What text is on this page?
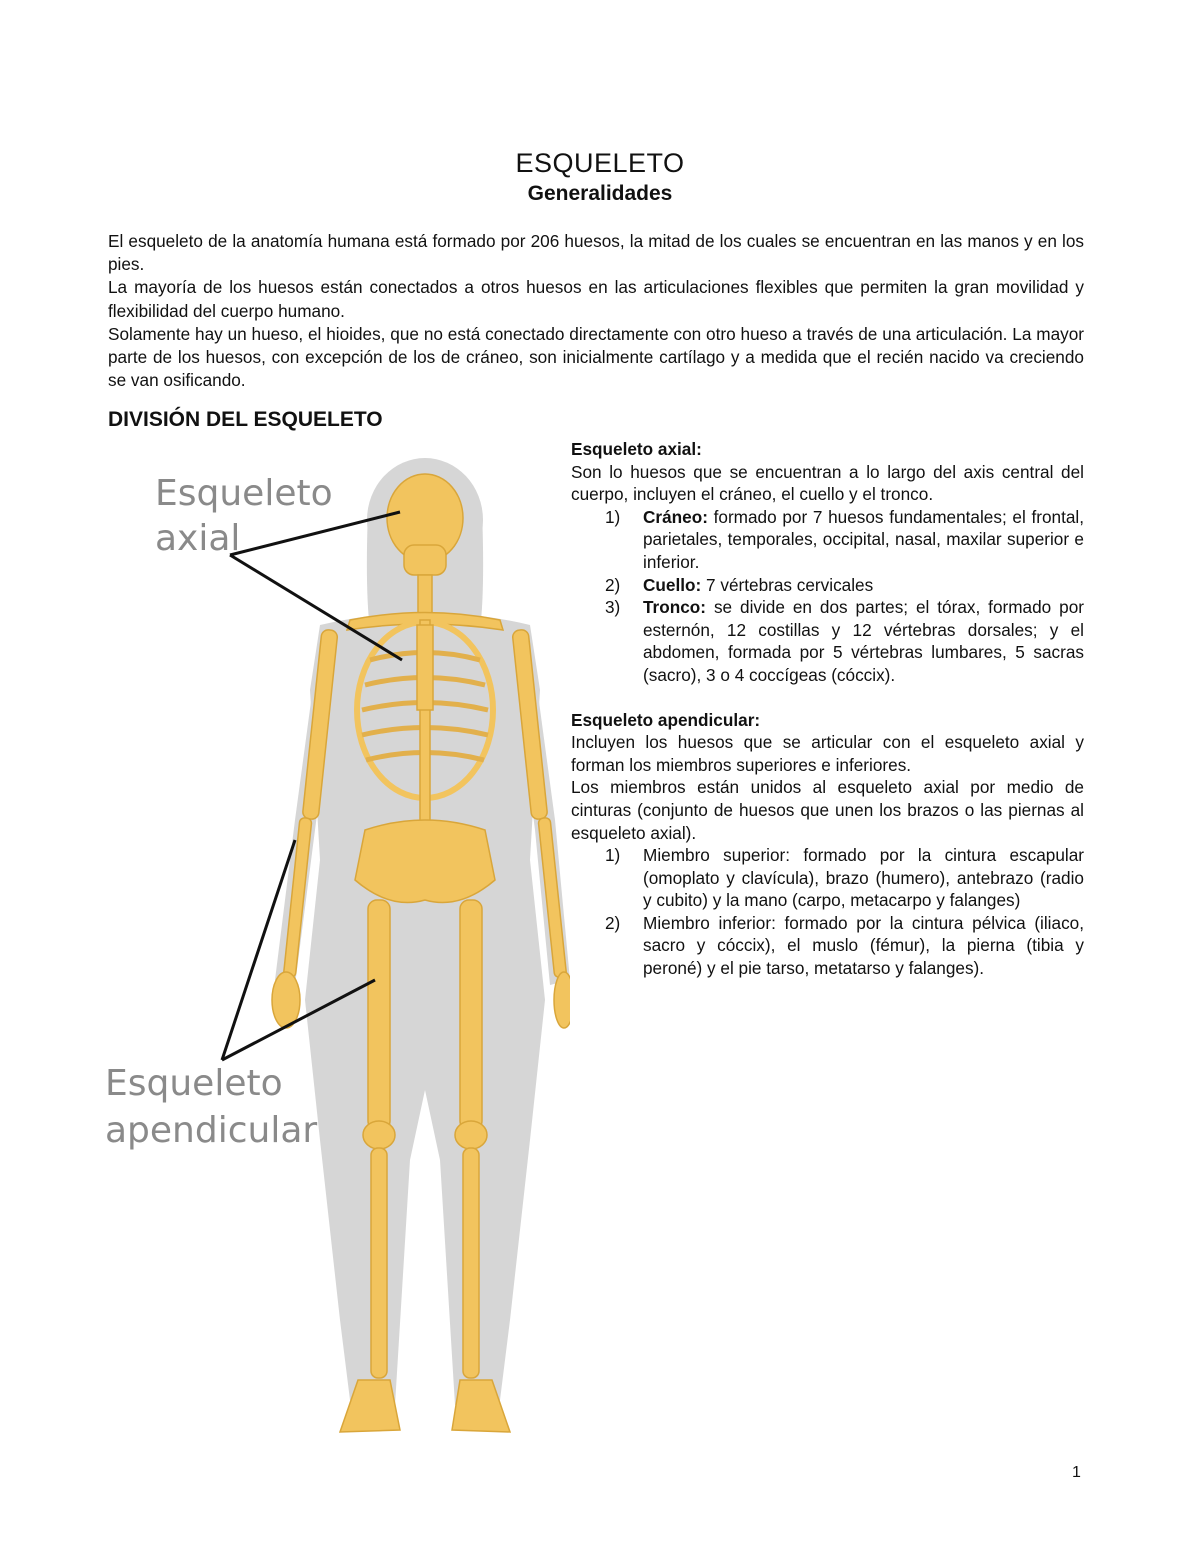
ESQUELETO
Generalidades

El esqueleto de la anatomía humana está formado por 206 huesos, la mitad de los cuales se encuentran en las manos y en los pies.

La mayoría de los huesos están conectados a otros huesos en las articulaciones flexibles que permiten la gran movilidad y flexibilidad del cuerpo humano.

Solamente hay un hueso, el hioides, que no está conectado directamente con otro hueso a través de una articulación. La mayor parte de los huesos, con excepción de los de cráneo, son inicialmente cartílago y a medida que el recién nacido va creciendo se van osificando.

DIVISIÓN DEL ESQUELETO
Esqueleto
axial
Esqueleto
apendicular

Esqueleto axial:

Son lo huesos que se encuentran a lo largo del axis central del cuerpo, incluyen el cráneo, el cuello y el tronco.

1) Cráneo: formado por 7 huesos fundamentales; el frontal, parietales, temporales, occipital, nasal, maxilar superior e inferior.
2) Cuello: 7 vértebras cervicales
3) Tronco: se divide en dos partes; el tórax, formado por esternón, 12 costillas y 12 vértebras dorsales; y el abdomen, formada por 5 vértebras lumbares, 5 sacras (sacro), 3 o 4 coccígeas (cóccix).

Esqueleto apendicular:

Incluyen los huesos que se articular con el esqueleto axial y forman los miembros superiores e inferiores.

Los miembros están unidos al esqueleto axial por medio de cinturas (conjunto de huesos que unen los brazos o las piernas al esqueleto axial).

1) Miembro superior: formado por la cintura escapular (omoplato y clavícula), brazo (humero), antebrazo (radio y cubito) y la mano (carpo, metacarpo y falanges)
2) Miembro inferior: formado por la cintura pélvica (iliaco, sacro y cóccix), el muslo (fémur), la pierna (tibia y peroné) y el pie tarso, metatarso y falanges).
1
